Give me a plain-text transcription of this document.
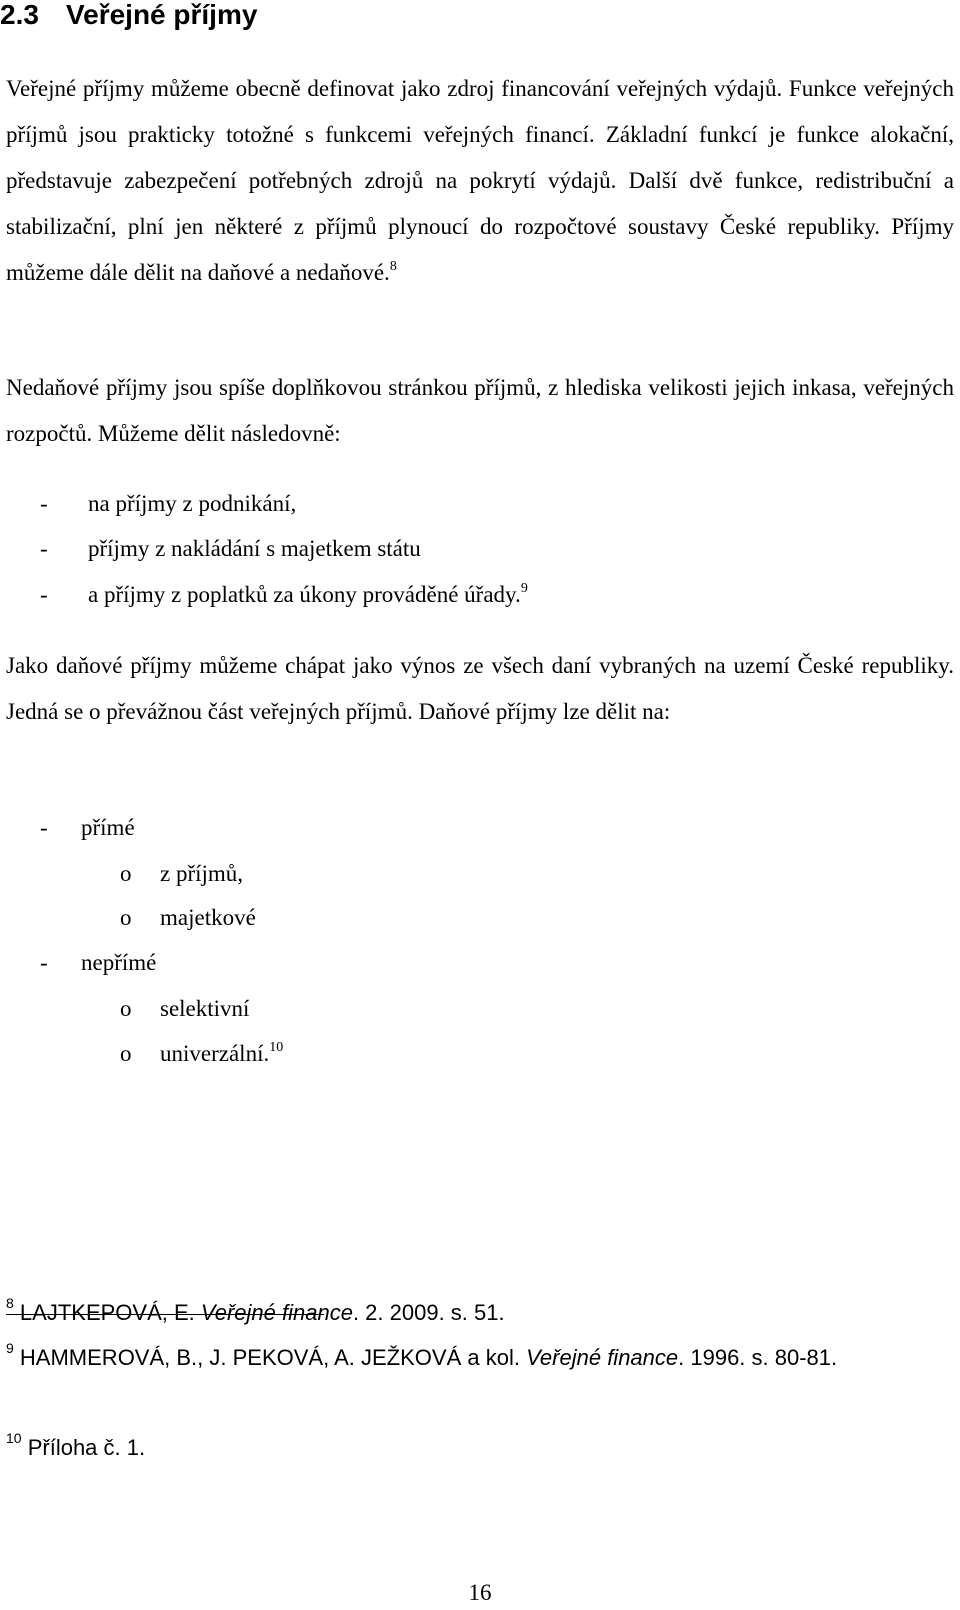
2.3 Veřejné příjmy

Veřejné příjmy můžeme obecně definovat jako zdroj financování veřejných výdajů. Funkce veřejných příjmů jsou prakticky totožné s funkcemi veřejných financí. Základní funkcí je funkce alokační, představuje zabezpečení potřebných zdrojů na pokrytí výdajů. Další dvě funkce, redistribuční a stabilizační, plní jen některé z příjmů plynoucí do rozpočtové soustavy České republiky. Příjmy můžeme dále dělit na daňové a nedaňové.$^8$

Nedaňové příjmy jsou spíše doplňkovou stránkou příjmů, z hlediska velikosti jejich inkasa, veřejných rozpočtů. Můžeme dělit následovně:

- na příjmy z podnikání,
- příjmy z nakládání s majetkem státu
- a příjmy z poplatků za úkony prováděné úřady.$^9$

Jako daňové příjmy můžeme chápat jako výnos ze všech daní vybraných na uzemí České republiky. Jedná se o převážnou část veřejných příjmů. Daňové příjmy lze dělit na:

- přímé
o z příjmů,
o majetkové
- nepřímé
o selektivní
o univerzální.$^{10}$

$^8$ LAJTKEPOVÁ, E. Veřejné finance. 2. 2009. s. 51.

$^9$ HAMMEROVÁ, B., J. PEKOVÁ, A. JEŽKOVÁ a kol. Veřejné finance. 1996. s. 80-81.

$^{10}$ Příloha č. 1.

16
